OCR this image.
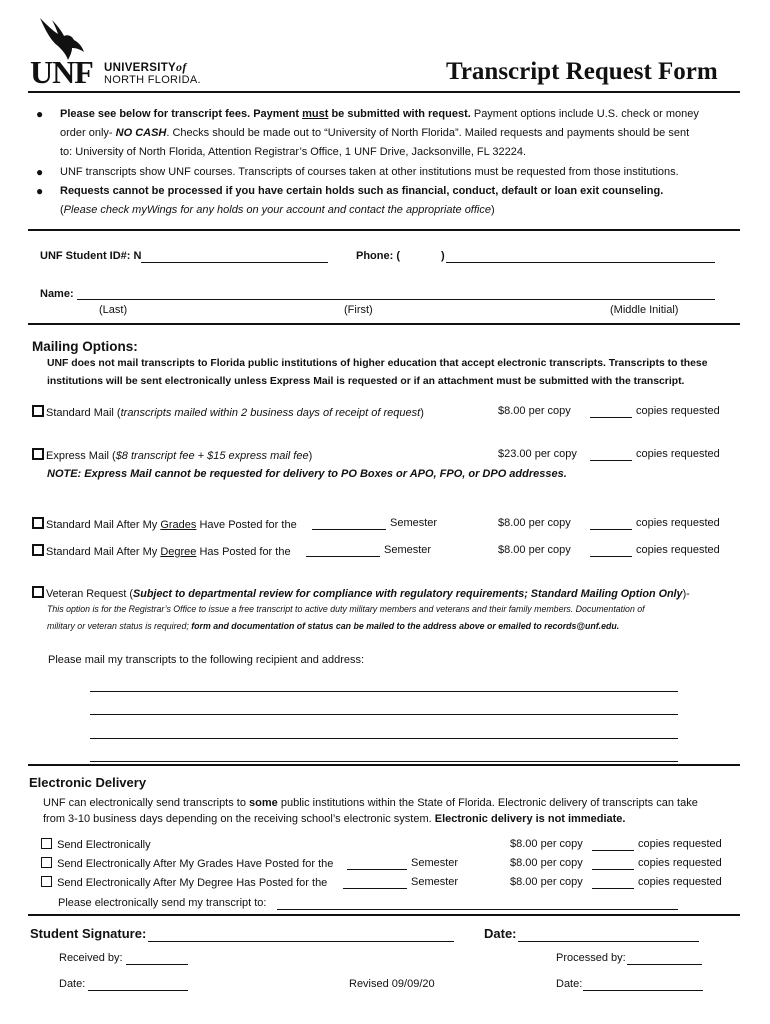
UNF UNIVERSITYof
NORTH FLORIDA.	Transcript Request Form
● Please see below for transcript fees. Payment must be submitted with request. Payment options include U.S. check or money
order only- NO CASH. Checks should be made out to “University of North Florida”. Mailed requests and payments should be sent
to: University of North Florida, Attention Registrar’s Office, 1 UNF Drive, Jacksonville, FL 32224.
● UNF transcripts show UNF courses. Transcripts of courses taken at other institutions must be requested from those institutions.
● Requests cannot be processed if you have certain holds such as financial, conduct, default or loan exit counseling.
(Please check myWings for any holds on your account and contact the appropriate office)
UNF Student ID#: N	Phone: (	)
Name:
(Last)	(First)	(Middle Initial)
Mailing Options:
UNF does not mail transcripts to Florida public institutions of higher education that accept electronic transcripts. Transcripts to these
institutions will be sent electronically unless Express Mail is requested or if an attachment must be submitted with the transcript.
Standard Mail (transcripts mailed within 2 business days of receipt of request)	$8.00 per copy	copies requested
Express Mail ($8 transcript fee + $15 express mail fee)	$23.00 per copy	copies requested
NOTE: Express Mail cannot be requested for delivery to PO Boxes or APO, FPO, or DPO addresses.
Standard Mail After My Grades Have Posted for the	Semester	$8.00 per copy	copies requested
Standard Mail After My Degree Has Posted for the	Semester	$8.00 per copy	copies requested
Veteran Request (Subject to departmental review for compliance with regulatory requirements; Standard Mailing Option Only)-
This option is for the Registrar’s Office to issue a free transcript to active duty military members and veterans and their family members. Documentation of
military or veteran status is required; form and documentation of status can be mailed to the address above or emailed to records@unf.edu.
Please mail my transcripts to the following recipient and address:
Electronic Delivery
UNF can electronically send transcripts to some public institutions within the State of Florida. Electronic delivery of transcripts can take
from 3-10 business days depending on the receiving school’s electronic system. Electronic delivery is not immediate.
Send Electronically	$8.00 per copy	copies requested
Send Electronically After My Grades Have Posted for the	Semester	$8.00 per copy	copies requested
Send Electronically After My Degree Has Posted for the	Semester	$8.00 per copy	copies requested
Please electronically send my transcript to:
Student Signature:	Date:
Received by:	Processed by:
Date:	Revised 09/09/20	Date:
